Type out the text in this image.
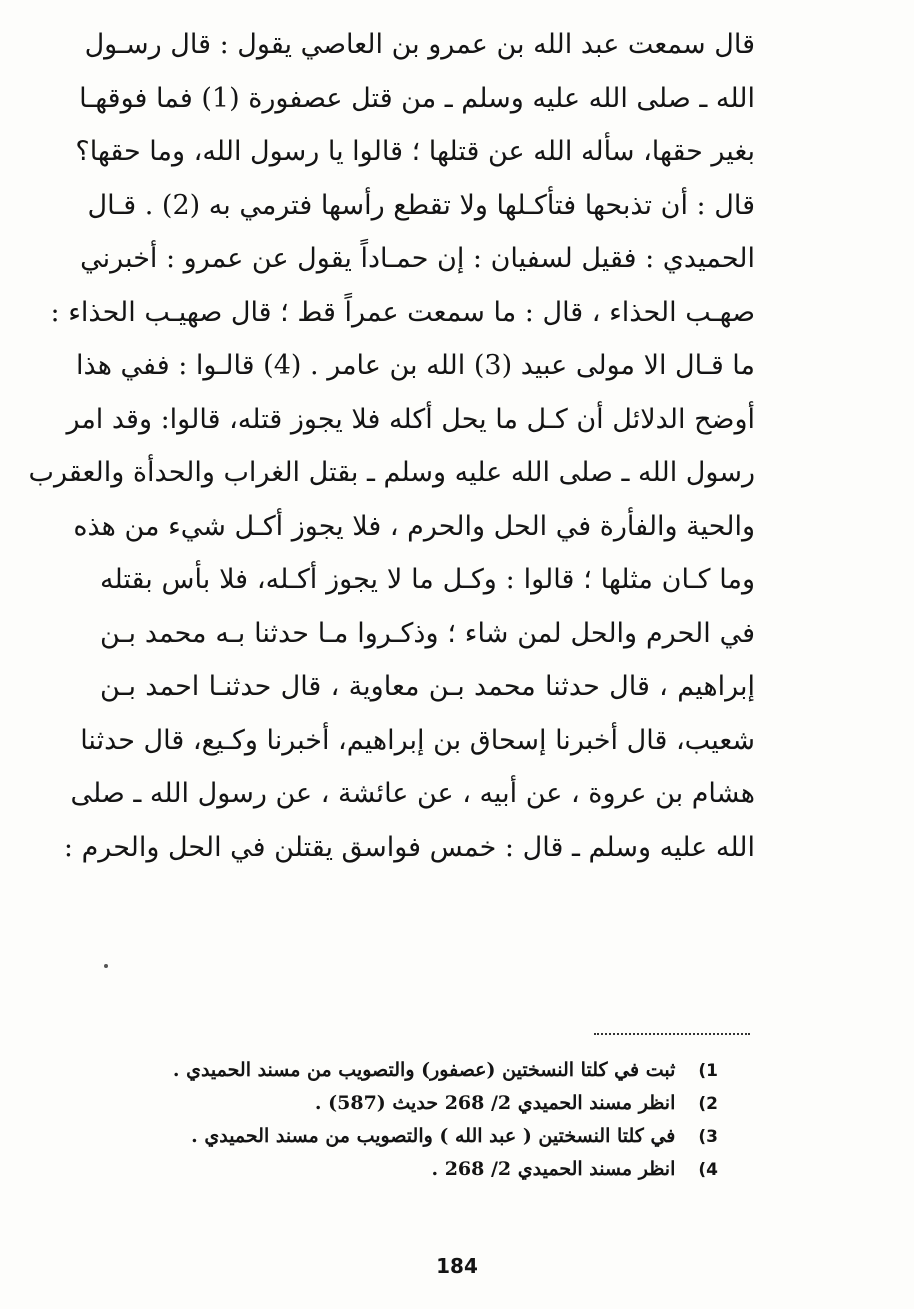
قال سمعت عبد الله بن عمرو بن العاصي يقول : قال رسـول
الله ـ صلى الله عليه وسلم ـ من قتل عصفورة (1) فما فوقهـا
بغير حقها، سأله الله عن قتلها ؛ قالوا يا رسول الله، وما حقها؟
قال : أن تذبحها فتأكـلها ولا تقطع رأسها فترمي به (2) . قـال
الحميدي : فقيل لسفيان : إن حمـاداً يقول عن عمرو : أخبرني
صهـب الحذاء ، قال : ما سمعت عمراً قط ؛ قال صهيـب الحذاء :
ما قـال الا مولى عبيد (3) الله بن عامر . (4) قالـوا : ففي هذا
أوضح الدلائل أن كـل ما يحل أكله فلا يجوز قتله، قالوا: وقد امر
رسول الله ـ صلى الله عليه وسلم ـ بقتل الغراب والحدأة والعقرب
والحية والفأرة في الحل والحرم ، فلا يجوز أكـل شيء من هذه
وما كـان مثلها ؛ قالوا : وكـل ما لا يجوز أكـله، فلا بأس بقتله
في الحرم والحل لمن شاء ؛ وذكـروا مـا حدثنا بـه محمد بـن
إبراهيم ، قال حدثنا محمد بـن معاوية ، قال حدثنـا احمد بـن
شعيب، قال أخبرنا إسحاق بن إبراهيم، أخبرنا وكـيع، قال حدثنا
هشام بن عروة ، عن أبيه ، عن عائشة ، عن رسول الله ـ صلى
الله عليه وسلم ـ قال : خمس فواسق يقتلن في الحل والحرم :
1) ثبت في كلتا النسختين (عصفور) والتصويب من مسند الحميدي .
2) انظر مسند الحميدي 2/ 268 حديث (587) .
3) في كلتا النسختين ( عبد الله ) والتصويب من مسند الحميدي .
4) انظر مسند الحميدي 2/ 268 .
184
